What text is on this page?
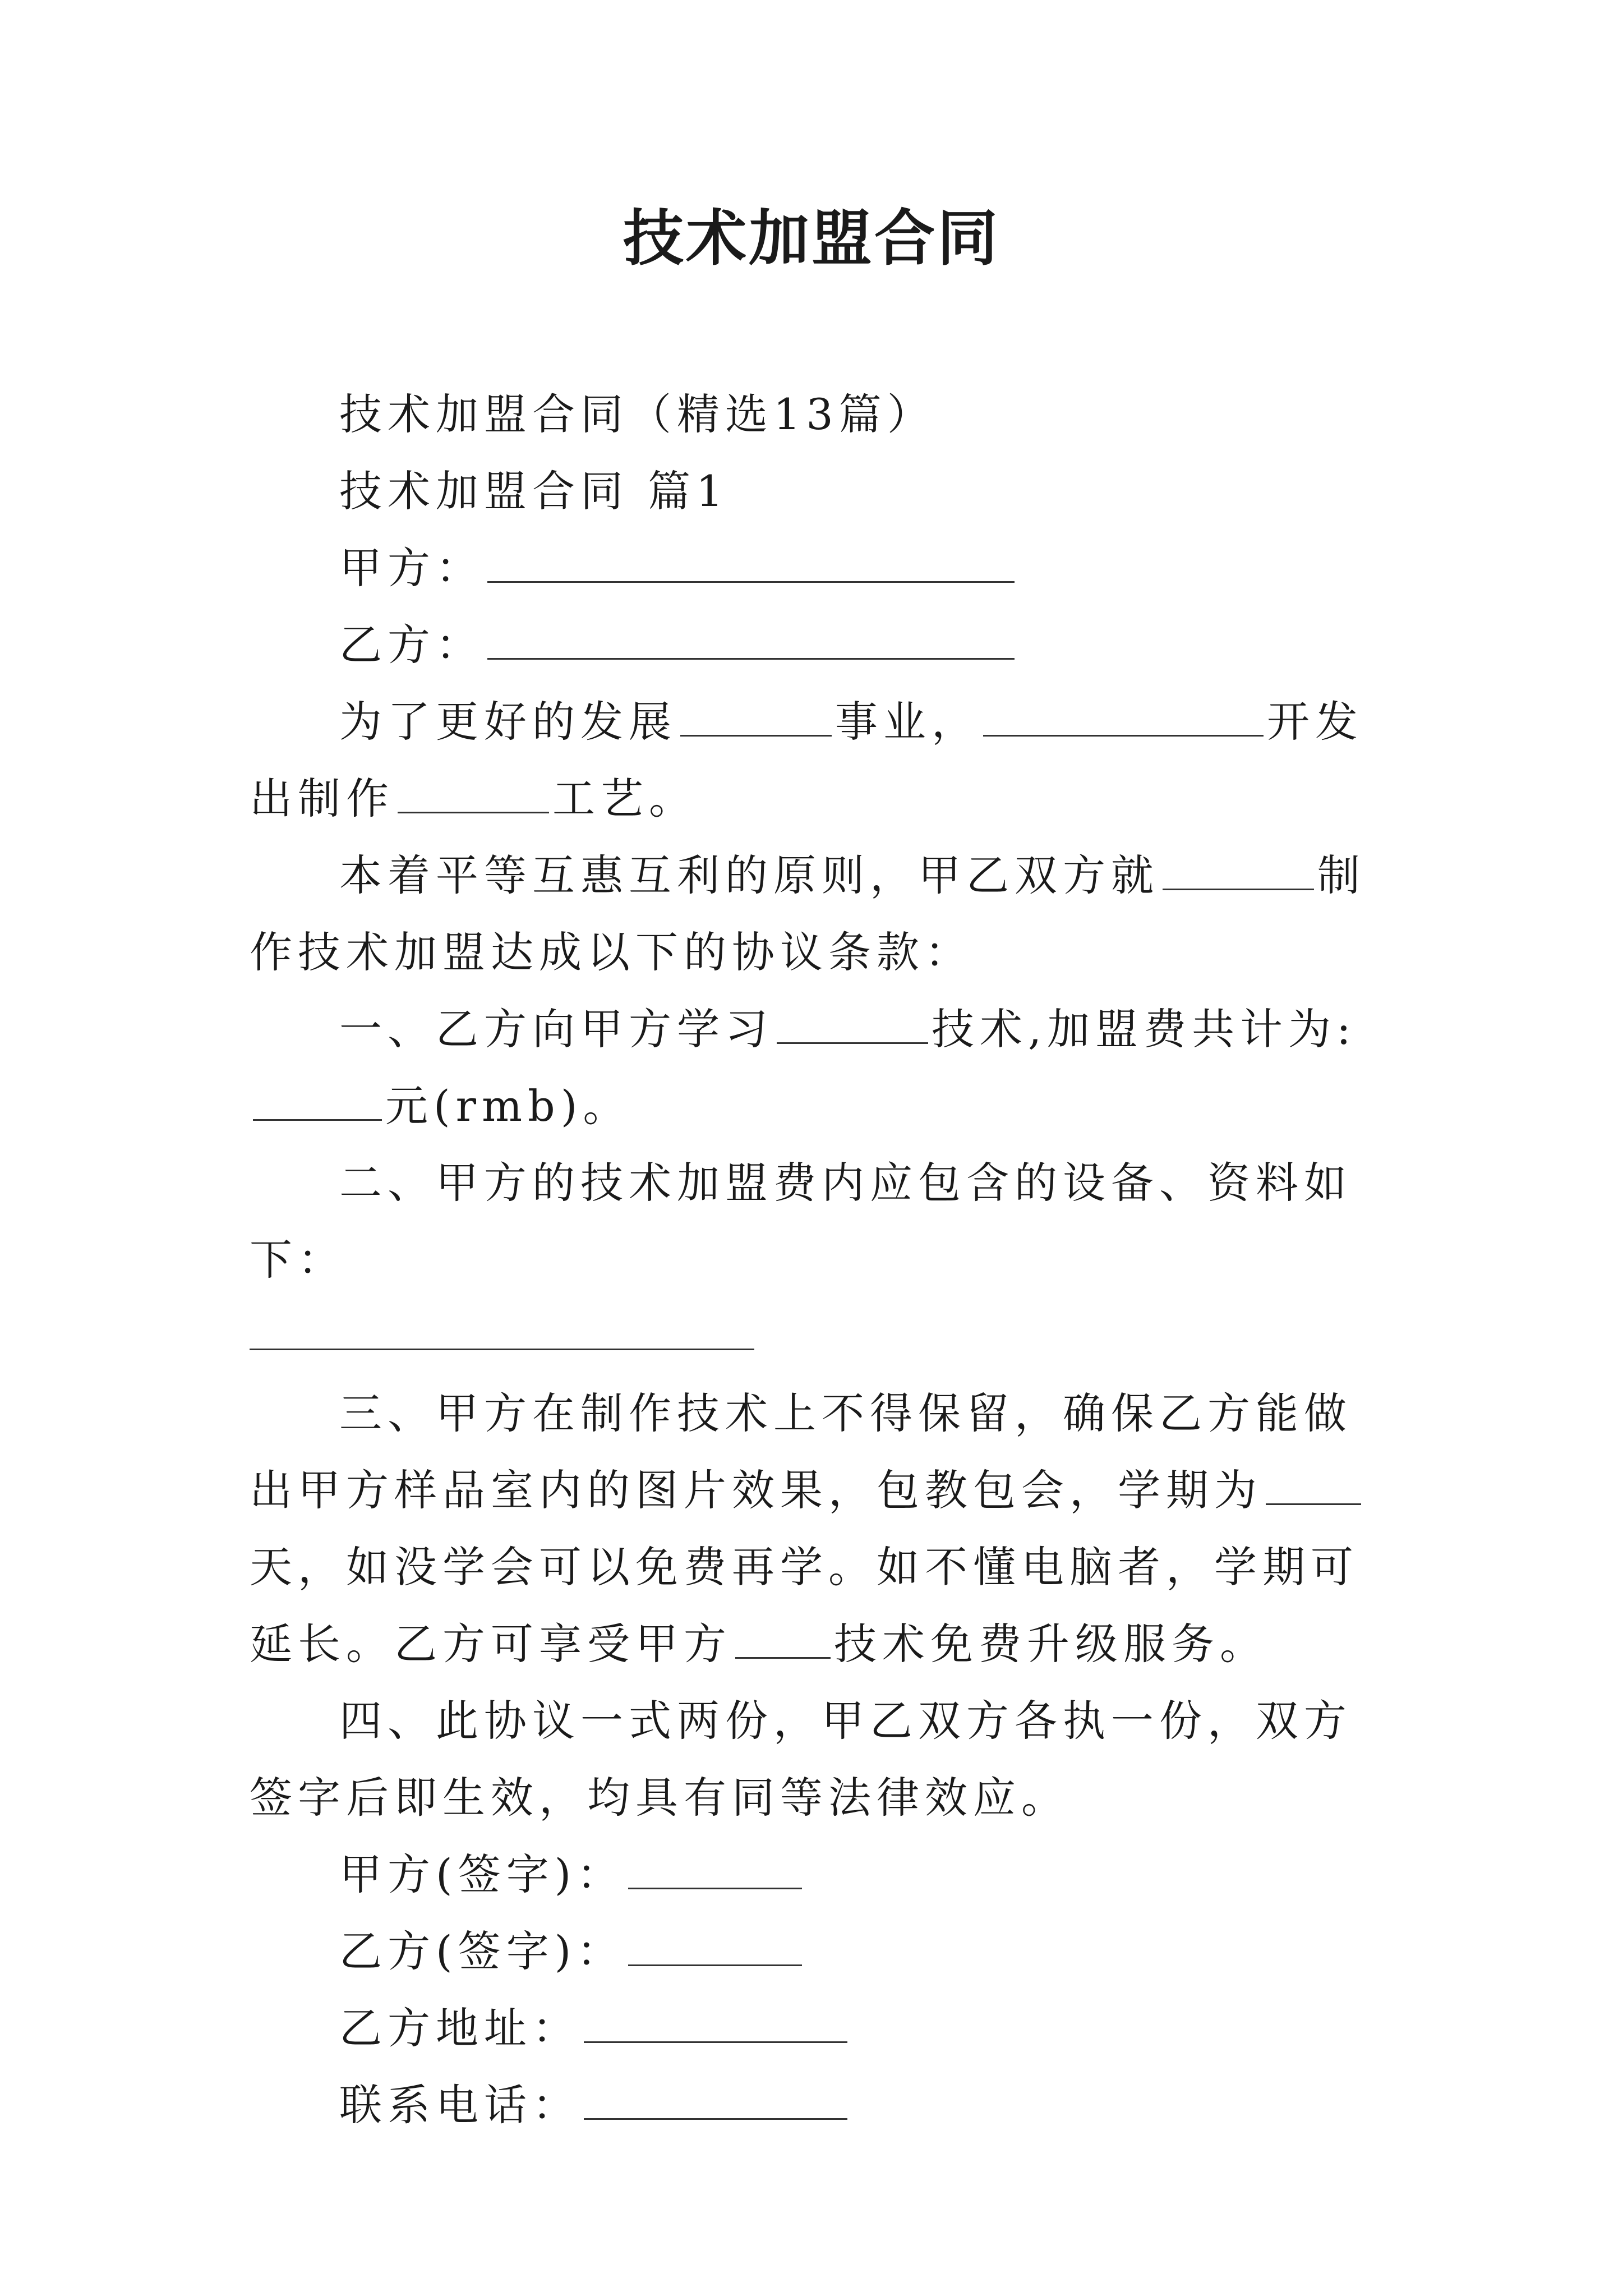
技术加盟合同

技术加盟合同（精选13篇）

技术加盟合同 篇1

甲方：

乙方：

为了更好的发展	事业，	开发出制作	工艺。

本着平等互惠互利的原则，甲乙双方就	制作技术加盟达成以下的协议条款：

一、乙方向甲方学习	技术,加盟费共计为:元(rmb)。

二、甲方的技术加盟费内应包含的设备、资料如下：

三、甲方在制作技术上不得保留，确保乙方能做出甲方样品室内的图片效果，包教包会，学期为天，如没学会可以免费再学。如不懂电脑者，学期可延长。乙方可享受甲方 技术免费升级服务。

四、此协议一式两份，甲乙双方各执一份，双方签字后即生效，均具有同等法律效应。

甲方(签字)：

乙方(签字)：

乙方地址：

联系电话：
